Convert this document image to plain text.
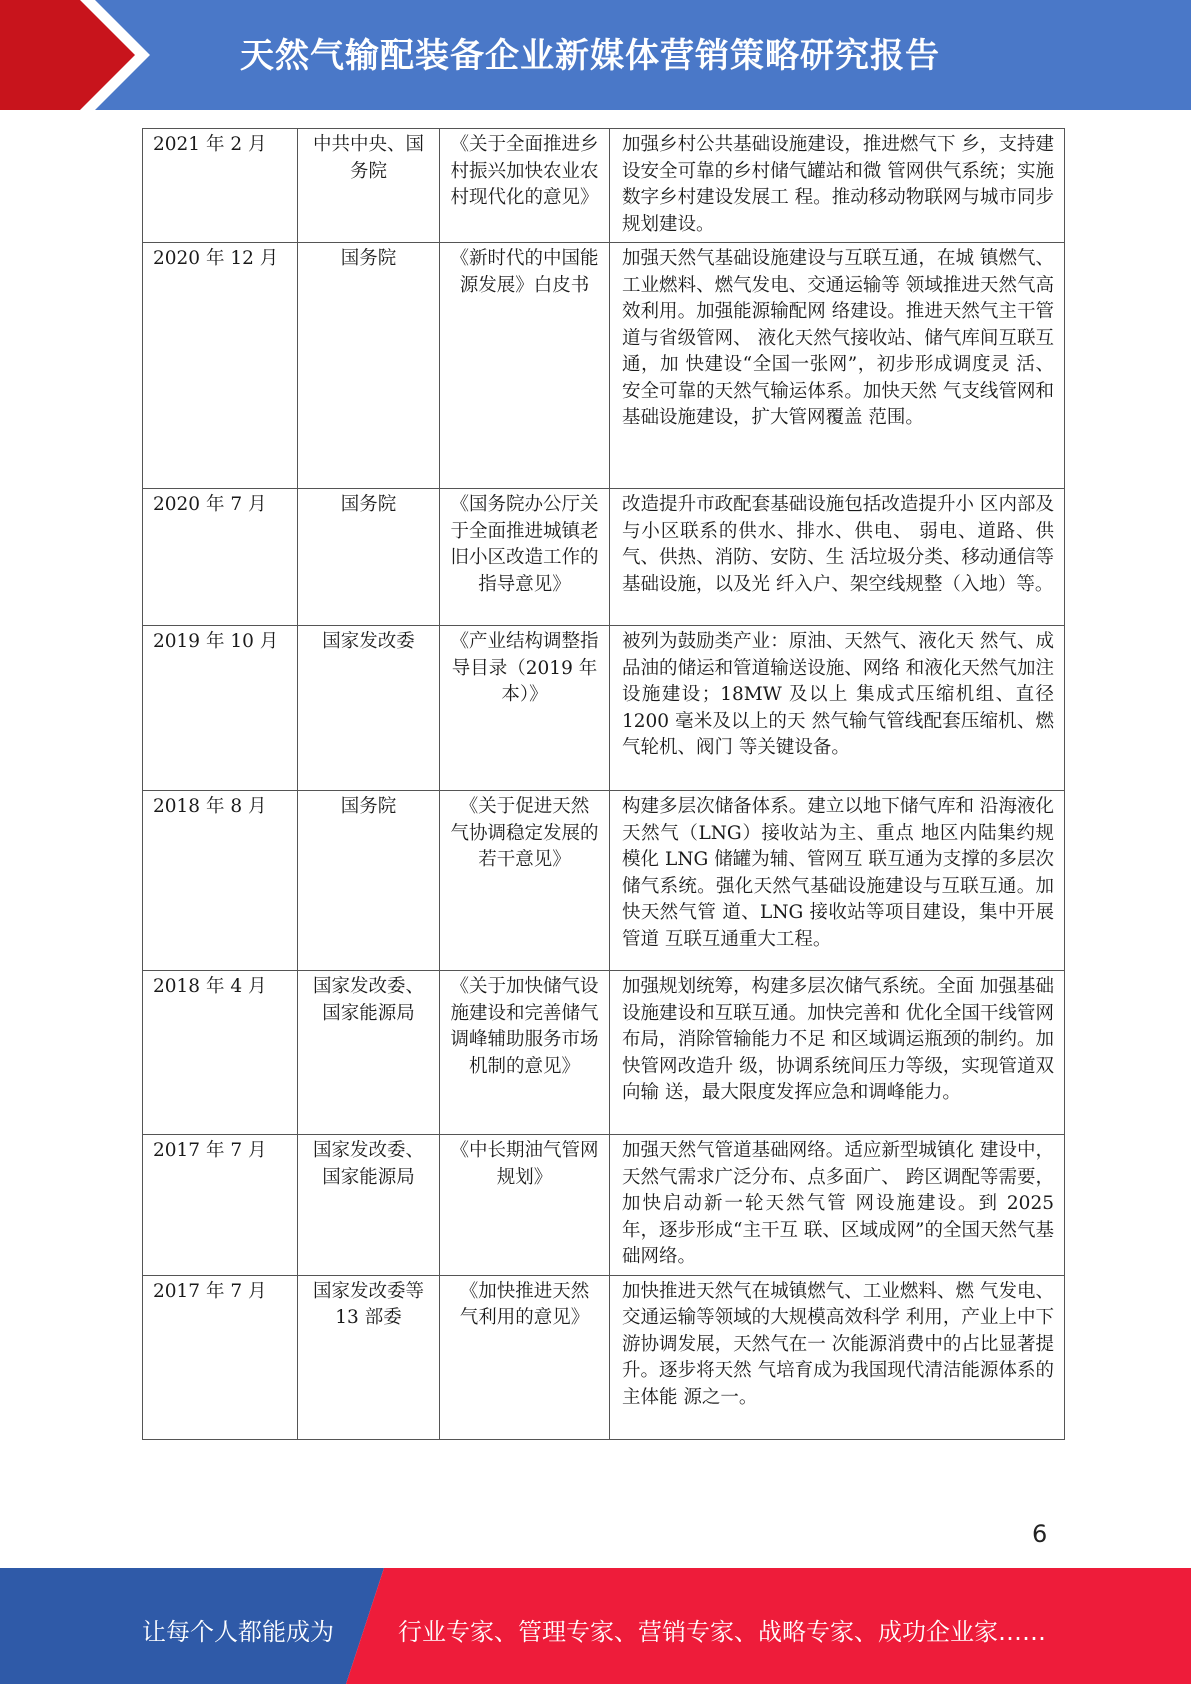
天然气输配装备企业新媒体营销策略研究报告
2021 年 2 月	中共中央、国务院	《关于全面推进乡村振兴加快农业农村现代化的意见》	加强乡村公共基础设施建设，推进燃气下 乡，支持建设安全可靠的乡村储气罐站和微 管网供气系统；实施数字乡村建设发展工 程。推动移动物联网与城市同步规划建设。
2020 年 12 月	国务院	《新时代的中国能源发展》白皮书	加强天然气基础设施建设与互联互通，在城 镇燃气、工业燃料、燃气发电、交通运输等 领域推进天然气高效利用。加强能源输配网 络建设。推进天然气主干管道与省级管网、 液化天然气接收站、储气库间互联互通，加 快建设“全国一张网”，初步形成调度灵 活、安全可靠的天然气输运体系。加快天然 气支线管网和基础设施建设，扩大管网覆盖 范围。
2020 年 7 月	国务院	《国务院办公厅关于全面推进城镇老旧小区改造工作的指导意见》	改造提升市政配套基础设施包括改造提升小 区内部及与小区联系的供水、排水、供电、 弱电、道路、供气、供热、消防、安防、生 活垃圾分类、移动通信等基础设施，以及光 纤入户、架空线规整（入地）等。
2019 年 10 月	国家发改委	《产业结构调整指导目录（2019 年本）》	被列为鼓励类产业：原油、天然气、液化天 然气、成品油的储运和管道输送设施、网络 和液化天然气加注设施建设；18MW 及以上 集成式压缩机组、直径 1200 毫米及以上的天 然气输气管线配套压缩机、燃气轮机、阀门 等关键设备。
2018 年 8 月	国务院	《关于促进天然 气协调稳定发展的若干意见》	构建多层次储备体系。建立以地下储气库和 沿海液化天然气（LNG）接收站为主、重点 地区内陆集约规模化 LNG 储罐为辅、管网互 联互通为支撑的多层次储气系统。强化天然气基础设施建设与互联互通。加快天然气管 道、LNG 接收站等项目建设，集中开展管道 互联互通重大工程。
2018 年 4 月	国家发改委、国家能源局	《关于加快储气设施建设和完善储气调峰辅助服务市场机制的意见》	加强规划统筹，构建多层次储气系统。全面 加强基础设施建设和互联互通。加快完善和 优化全国干线管网布局，消除管输能力不足 和区域调运瓶颈的制约。加快管网改造升 级，协调系统间压力等级，实现管道双向输 送，最大限度发挥应急和调峰能力。
2017 年 7 月	国家发改委、国家能源局	《中长期油气管网规划》	加强天然气管道基础网络。适应新型城镇化 建设中，天然气需求广泛分布、点多面广、 跨区调配等需要，加快启动新一轮天然气管 网设施建设。到 2025 年，逐步形成“主干互 联、区域成网”的全国天然气基础网络。
2017 年 7 月	国家发改委等 13 部委	《加快推进天然 气利用的意见》	加快推进天然气在城镇燃气、工业燃料、燃 气发电、交通运输等领域的大规模高效科学 利用，产业上中下游协调发展，天然气在一 次能源消费中的占比显著提升。逐步将天然 气培育成为我国现代清洁能源体系的主体能 源之一。
6
让每个人都能成为	行业专家、管理专家、营销专家、战略专家、成功企业家……
